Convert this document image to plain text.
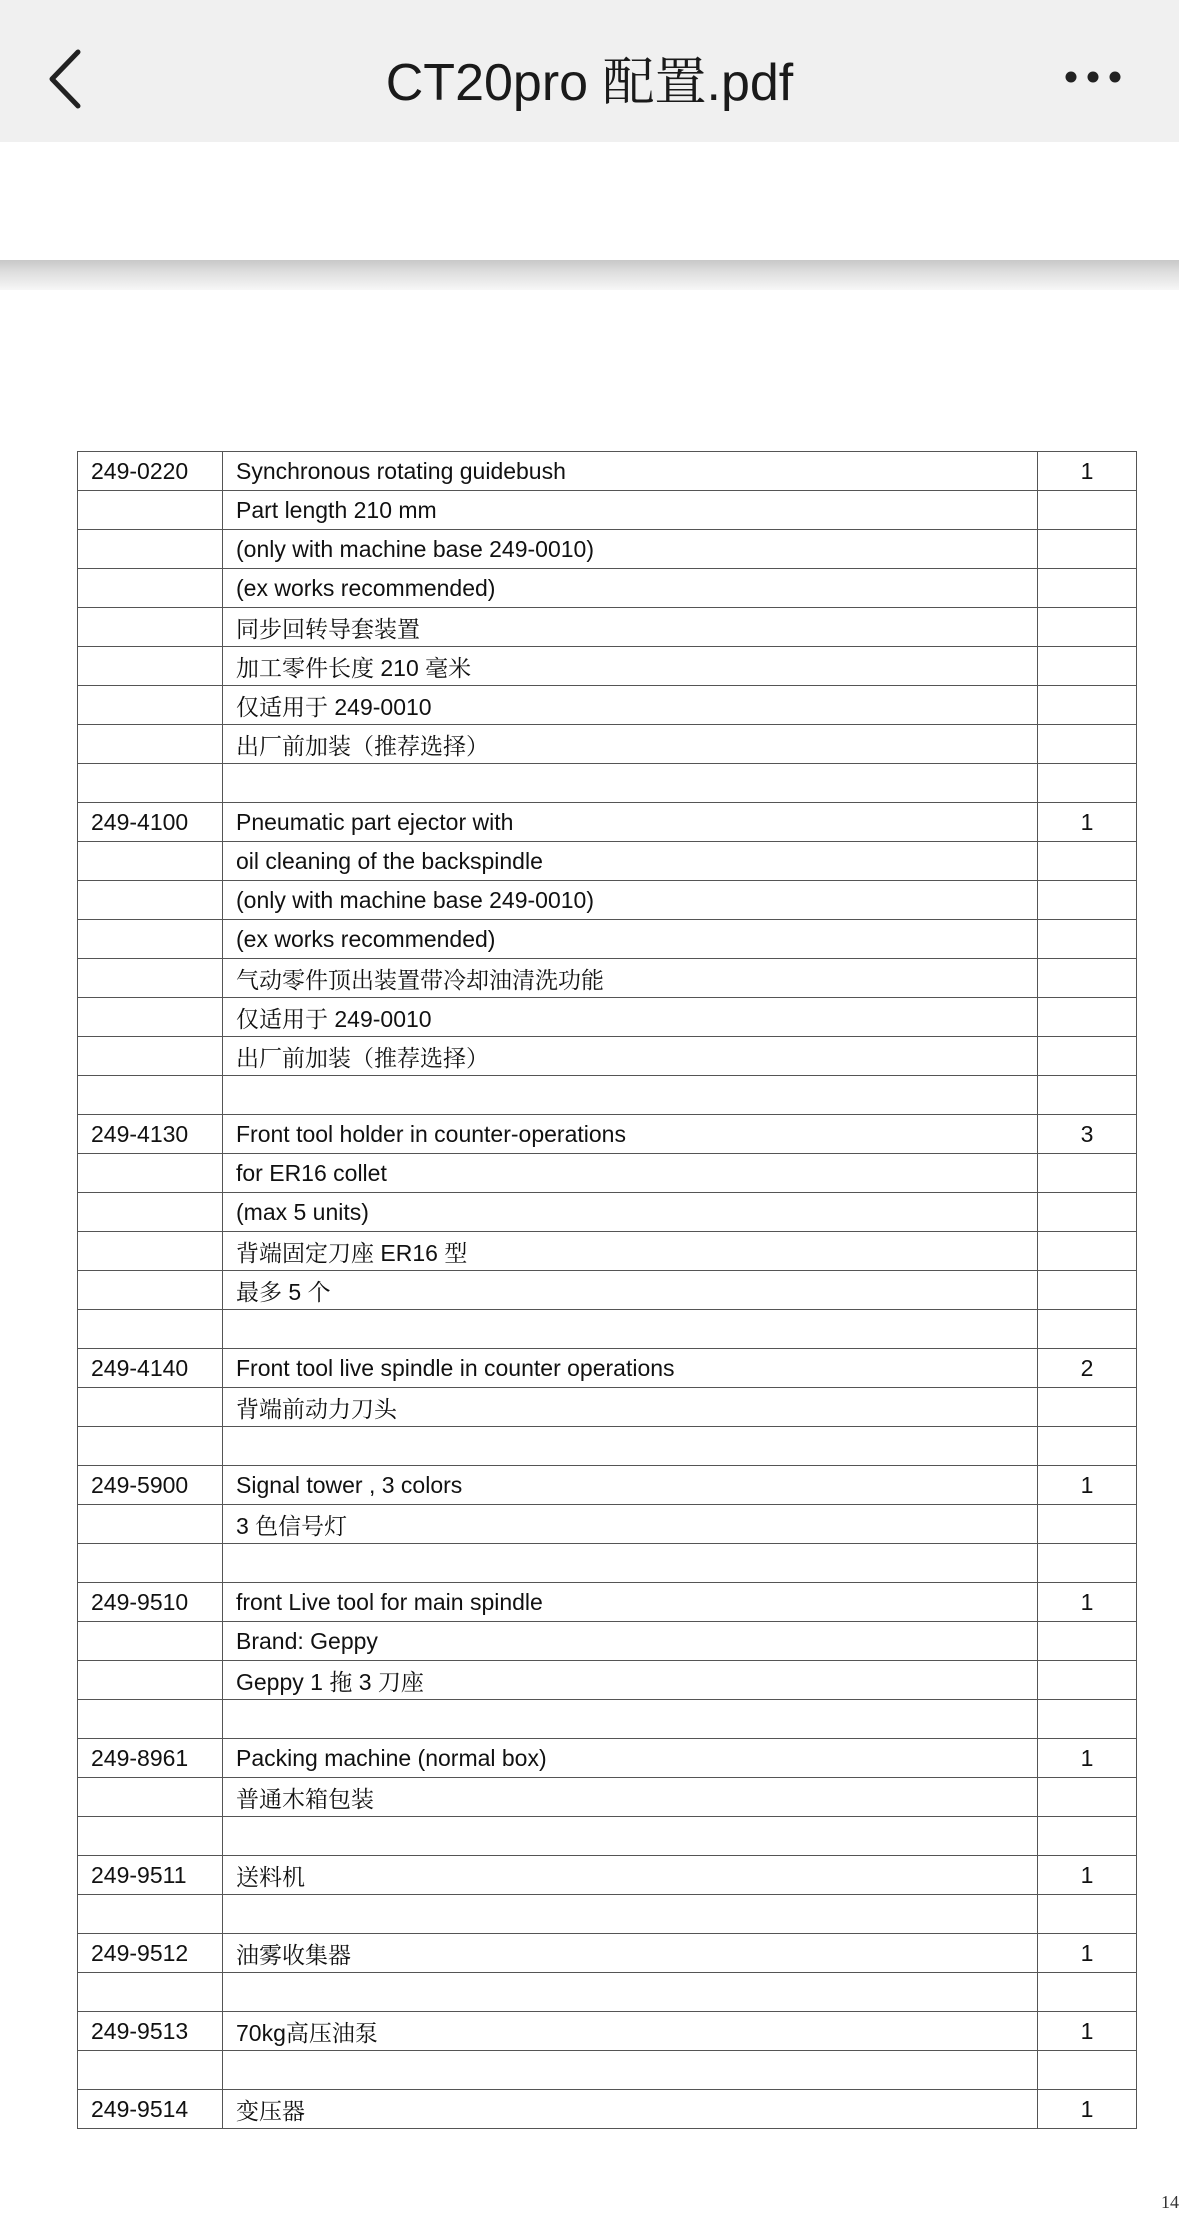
CT20pro 配置.pdf
249-0220	Synchronous rotating guidebush	1
	Part length 210 mm	
	(only with machine base 249-0010)	
	(ex works recommended)	
	同步回转导套装置	
	加工零件长度 210 毫米	
	仅适用于 249-0010	
	出厂前加装（推荐选择）	

249-4100	Pneumatic part ejector with	1
	oil cleaning of the backspindle	
	(only with machine base 249-0010)	
	(ex works recommended)	
	气动零件顶出装置带冷却油清洗功能	
	仅适用于 249-0010	
	出厂前加装（推荐选择）	

249-4130	Front tool holder in counter-operations	3
	for ER16 collet	
	(max 5 units)	
	背端固定刀座 ER16 型	
	最多 5 个	

249-4140	Front tool live spindle in counter operations	2
	背端前动力刀头	

249-5900	Signal tower , 3 colors	1
	3 色信号灯	

249-9510	front Live tool for main spindle	1
	Brand: Geppy	
	Geppy 1 拖 3 刀座	

249-8961	Packing machine (normal box)	1
	普通木箱包装	

249-9511	送料机	1

249-9512	油雾收集器	1

249-9513	70kg高压油泵	1

249-9514	变压器	1
14
